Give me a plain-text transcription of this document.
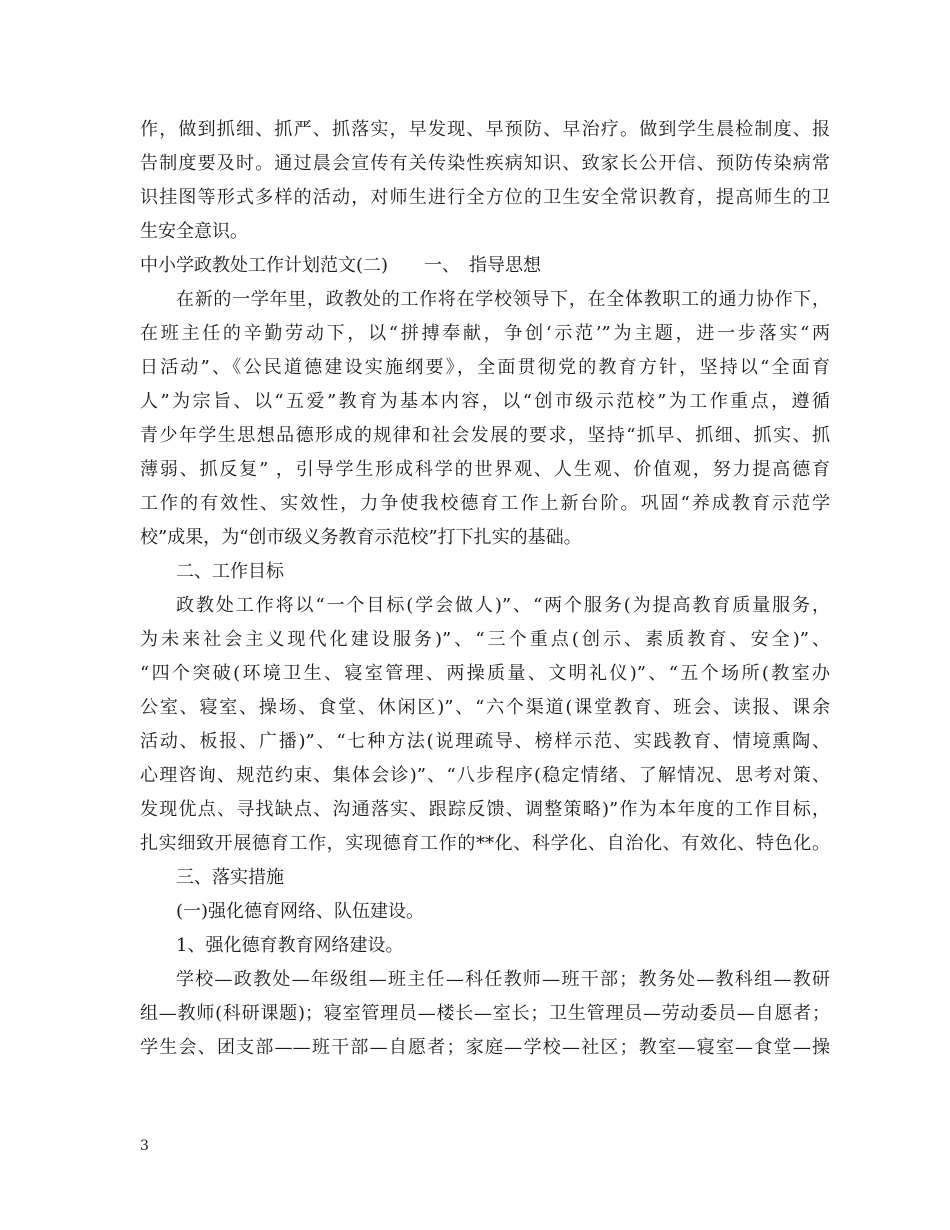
作，做到抓细、抓严、抓落实，早发现、早预防、早治疗。做到学生晨检制度、报
告制度要及时。通过晨会宣传有关传染性疾病知识、致家长公开信、预防传染病常
识挂图等形式多样的活动，对师生进行全方位的卫生安全常识教育，提高师生的卫
生安全意识。
中小学政教处工作计划范文(二)　　一、　指导思想
在新的一学年里，政教处的工作将在学校领导下，在全体教职工的通力协作下，
在班主任的辛勤劳动下，以“拼搏奉献，争创‘示范’”为主题，进一步落实“两
日活动”、《公民道德建设实施纲要》，全面贯彻党的教育方针，坚持以“全面育
人”为宗旨、以“五爱”教育为基本内容，以“创市级示范校”为工作重点，遵循
青少年学生思想品德形成的规律和社会发展的要求，坚持“抓早、抓细、抓实、抓
薄弱、抓反复” ，引导学生形成科学的世界观、人生观、价值观，努力提高德育
工作的有效性、实效性，力争使我校德育工作上新台阶。巩固“养成教育示范学
校”成果，为“创市级义务教育示范校”打下扎实的基础。
二、工作目标
政教处工作将以“一个目标(学会做人)”、“两个服务(为提高教育质量服务，
为未来社会主义现代化建设服务)”、“三个重点(创示、素质教育、安全)”、
“四个突破(环境卫生、寝室管理、两操质量、文明礼仪)”、“五个场所(教室办
公室、寝室、操场、食堂、休闲区)”、“六个渠道(课堂教育、班会、读报、课余
活动、板报、广播)”、“七种方法(说理疏导、榜样示范、实践教育、情境熏陶、
心理咨询、规范约束、集体会诊)”、“八步程序(稳定情绪、了解情况、思考对策、
发现优点、寻找缺点、沟通落实、跟踪反馈、调整策略)”作为本年度的工作目标，
扎实细致开展德育工作，实现德育工作的**化、科学化、自治化、有效化、特色化。
三、落实措施
(一)强化德育网络、队伍建设。
1、强化德育教育网络建设。
学校—政教处—年级组—班主任—科任教师—班干部；教务处—教科组—教研
组—教师(科研课题)；寝室管理员—楼长—室长；卫生管理员—劳动委员—自愿者；
学生会、团支部——班干部—自愿者；家庭—学校—社区；教室—寝室—食堂—操
3
